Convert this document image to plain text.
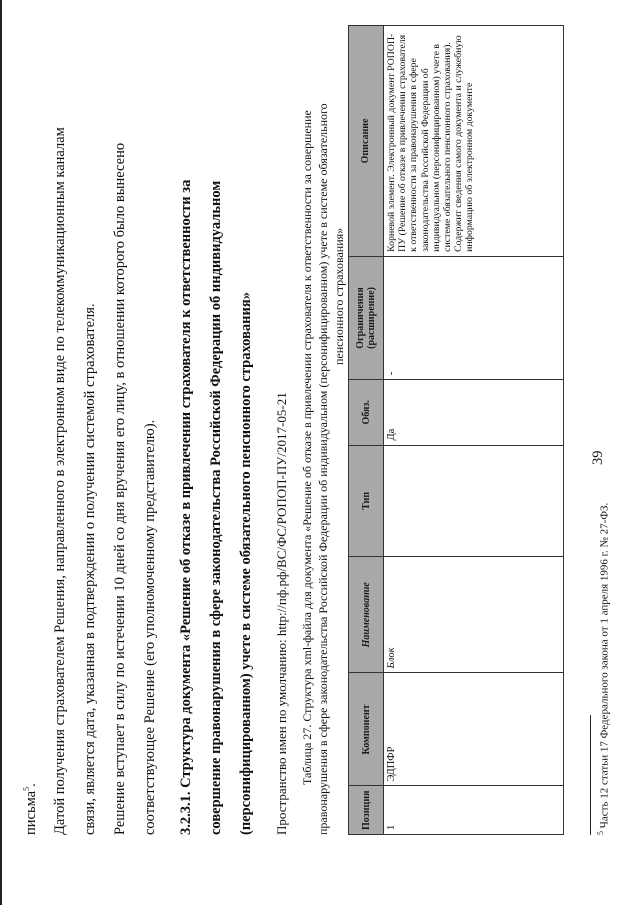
39
письма$^5$. Датой получения страхователем Решения, направленного в электронном виде по телекоммуникационным каналам связи, является дата, указанная в подтверждении о получении системой страхователя. Решение вступает в силу по истечении 10 дней со дня вручения его лицу, в отношении которого было вынесено соответствующее Решение (его уполномоченному представителю). 3.2.3.1. Структура документа «Решение об отказе в привлечении страхователя к ответственности за совершение правонарушения в сфере законодательства Российской Федерации об индивидуальном (персонифицированном) учете в системе обязательного пенсионного страхования» Пространство имен по умолчанию: http://пф.рф/ВС/ФС/РОПОП-ПУ/2017-05-21 Таблица 27. Структура xml-файла для документа «Решение об отказе в привлечении страхователя к ответственности за совершение правонарушения в сфере законодательства Российской Федерации об индивидуальном (персонифицированном) учете в системе обязательного пенсионного страхования»
Позиция	Компонент	Наименование	Тип	Обяз.	Ограничения (расширение)	Описание
1	ЭДПФР	Блок		Да	-	Корневой элемент. Электронный документ РОПОП-ПУ (Решение об отказе в привлечении страхователя к ответственности за правонарушения в сфере законодательства Российской Федерации об индивидуальном (персонифицированном) учете в системе обязательного пенсионного страхования). Содержит сведения самого документа и служебную информацию об электронном документе
$^5$ Часть 12 статьи 17 Федерального закона от 1 апреля 1996 г. № 27-ФЗ.
